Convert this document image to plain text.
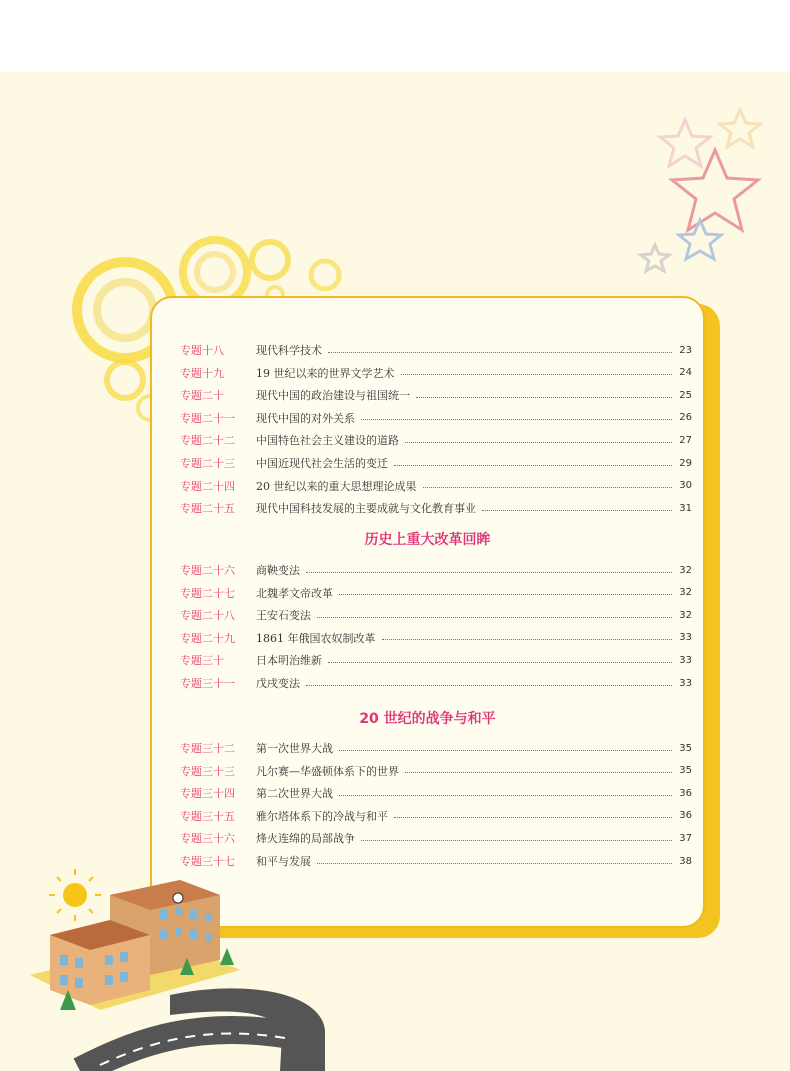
专题十八	现代科学技术	23
专题十九	19 世纪以来的世界文学艺术	24
专题二十	现代中国的政治建设与祖国统一	25
专题二十一	现代中国的对外关系	26
专题二十二	中国特色社会主义建设的道路	27
专题二十三	中国近现代社会生活的变迁	29
专题二十四	20 世纪以来的重大思想理论成果	30
专题二十五	现代中国科技发展的主要成就与文化教育事业	31
历史上重大改革回眸
专题二十六	商鞅变法	32
专题二十七	北魏孝文帝改革	32
专题二十八	王安石变法	32
专题二十九	1861 年俄国农奴制改革	33
专题三十	日本明治维新	33
专题三十一	戊戌变法	33
20 世纪的战争与和平
专题三十二	第一次世界大战	35
专题三十三	凡尔赛—华盛顿体系下的世界	35
专题三十四	第二次世界大战	36
专题三十五	雅尔塔体系下的冷战与和平	36
专题三十六	烽火连绵的局部战争	37
专题三十七	和平与发展	38
